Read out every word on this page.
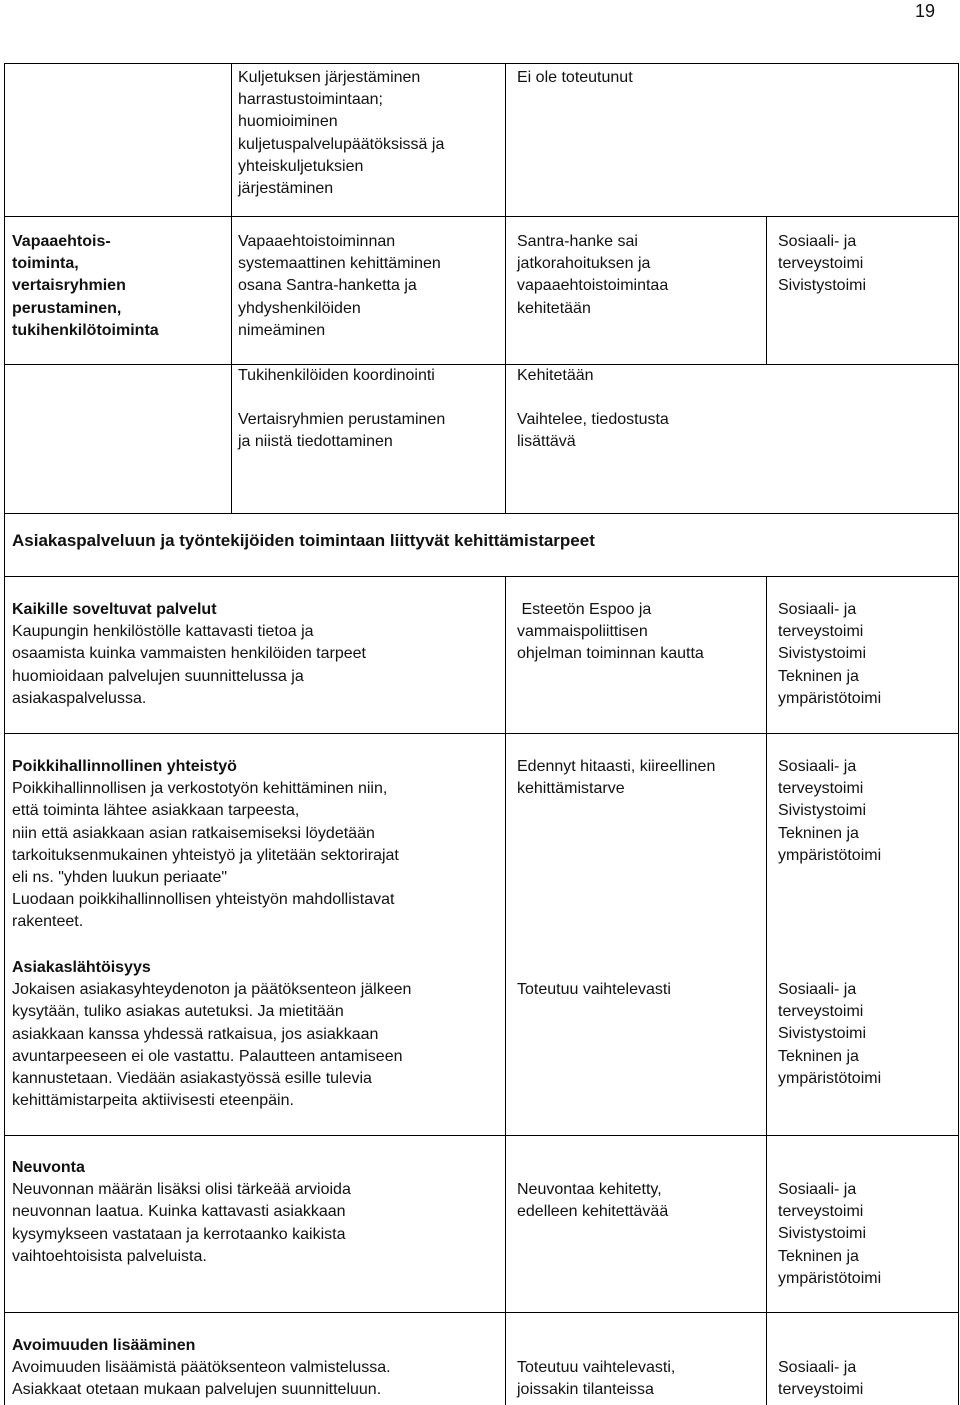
19
Kuljetuksen järjestäminen
harrastustoimintaan;
huomioiminen
kuljetuspalvelupäätöksissä ja
yhteiskuljetuksien
järjestäminen
Ei ole toteutunut
Vapaaehtois-
toiminta,
vertaisryhmien
perustaminen,
tukihenkilötoiminta
Vapaaehtoistoiminnan
systemaattinen kehittäminen
osana Santra-hanketta ja
yhdyshenkilöiden
nimeäminen
Santra-hanke sai
jatkorahoituksen ja
vapaaehtoistoimintaa
kehitetään
Sosiaali- ja
terveystoimi
Sivistystoimi
Tukihenkilöiden koordinointi	Kehitetään
Vertaisryhmien perustaminen
ja niistä tiedottaminen
Vaihtelee, tiedostusta
lisättävä
Asiakaspalveluun ja työntekijöiden toimintaan liittyvät kehittämistarpeet
Kaikille soveltuvat palvelut
Kaupungin henkilöstölle kattavasti tietoa ja
osaamista kuinka vammaisten henkilöiden tarpeet
huomioidaan palvelujen suunnittelussa ja
asiakaspalvelussa.
Esteetön Espoo ja
vammaispoliittisen
ohjelman toiminnan kautta
Sosiaali- ja
terveystoimi
Sivistystoimi
Tekninen ja
ympäristötoimi
Poikkihallinnollinen yhteistyö
Poikkihallinnollisen ja verkostotyön kehittäminen niin,
että toiminta lähtee asiakkaan tarpeesta,
niin että asiakkaan asian ratkaisemiseksi löydetään
tarkoituksenmukainen yhteistyö ja ylitetään sektorirajat
eli ns. "yhden luukun periaate"
Luodaan poikkihallinnollisen yhteistyön mahdollistavat
rakenteet.
Edennyt hitaasti, kiireellinen
kehittämistarve
Sosiaali- ja
terveystoimi
Sivistystoimi
Tekninen ja
ympäristötoimi
Asiakaslähtöisyys
Jokaisen asiakasyhteydenoton ja päätöksenteon jälkeen
kysytään, tuliko asiakas autetuksi. Ja mietitään
asiakkaan kanssa yhdessä ratkaisua, jos asiakkaan
avuntarpeeseen ei ole vastattu. Palautteen antamiseen
kannustetaan. Viedään asiakastyössä esille tulevia
kehittämistarpeita aktiivisesti eteenpäin.
Toteutuu vaihtelevasti	Sosiaali- ja
terveystoimi
Sivistystoimi
Tekninen ja
ympäristötoimi
Neuvonta
Neuvonnan määrän lisäksi olisi tärkeää arvioida
neuvonnan laatua. Kuinka kattavasti asiakkaan
kysymykseen vastataan ja kerrotaanko kaikista
vaihtoehtoisista palveluista.
Neuvontaa kehitetty,
edelleen kehitettävää
Sosiaali- ja
terveystoimi
Sivistystoimi
Tekninen ja
ympäristötoimi
Avoimuuden lisääminen
Avoimuuden lisäämistä päätöksenteon valmistelussa.
Asiakkaat otetaan mukaan palvelujen suunnitteluun.
Toteutuu vaihtelevasti,
joissakin tilanteissa
Sosiaali- ja
terveystoimi
